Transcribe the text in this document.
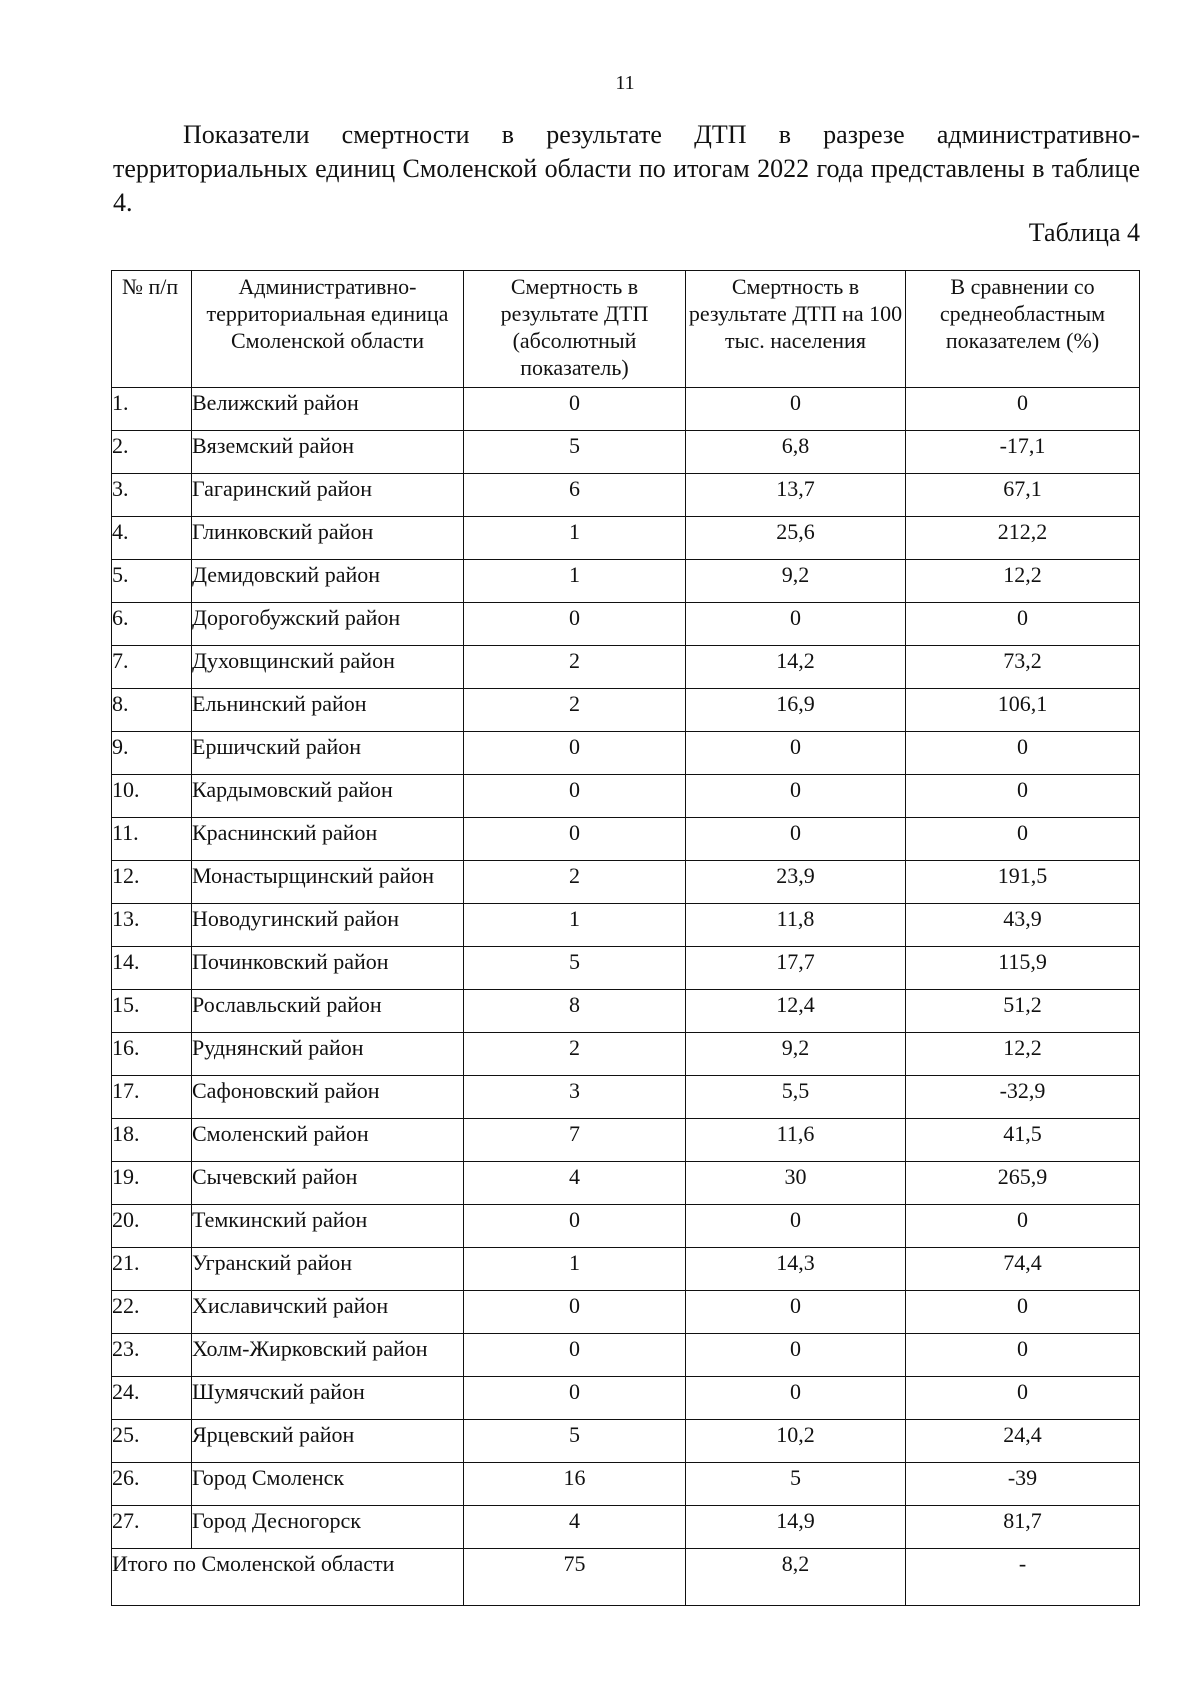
11

Показатели смертности в результате ДТП в разрезе административно-территориальных единиц Смоленской области по итогам 2022 года представлены в таблице 4.

Таблица 4
№ п/п	Административно-территориальная единица Смоленской области	Смертность в результате ДТП (абсолютный показатель)	Смертность в результате ДТП на 100 тыс. населения	В сравнении со среднеобластным показателем (%)
1.	Велижский район	0	0	0
2.	Вяземский район	5	6,8	-17,1
3.	Гагаринский район	6	13,7	67,1
4.	Глинковский район	1	25,6	212,2
5.	Демидовский район	1	9,2	12,2
6.	Дорогобужский район	0	0	0
7.	Духовщинский район	2	14,2	73,2
8.	Ельнинский район	2	16,9	106,1
9.	Ершичский район	0	0	0
10.	Кардымовский район	0	0	0
11.	Краснинский район	0	0	0
12.	Монастырщинский район	2	23,9	191,5
13.	Новодугинский район	1	11,8	43,9
14.	Починковский район	5	17,7	115,9
15.	Рославльский район	8	12,4	51,2
16.	Руднянский район	2	9,2	12,2
17.	Сафоновский район	3	5,5	-32,9
18.	Смоленский район	7	11,6	41,5
19.	Сычевский район	4	30	265,9
20.	Темкинский район	0	0	0
21.	Угранский район	1	14,3	74,4
22.	Хиславичский район	0	0	0
23.	Холм-Жирковский район	0	0	0
24.	Шумячский район	0	0	0
25.	Ярцевский район	5	10,2	24,4
26.	Город Смоленск	16	5	-39
27.	Город Десногорск	4	14,9	81,7
Итого по Смоленской области		75	8,2	-
